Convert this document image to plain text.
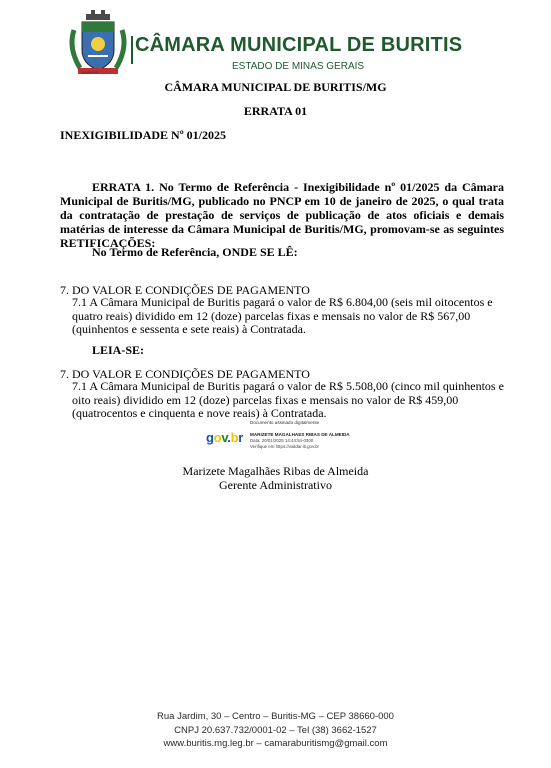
BURITIS
CÂMARA MUNICIPAL DE BURITIS
ESTADO DE MINAS GERAIS
CÂMARA MUNICIPAL DE BURITIS/MG
ERRATA 01
INEXIGIBILIDADE Nº 01/2025
ERRATA 1. No Termo de Referência - Inexigibilidade nº 01/2025 da Câmara Municipal de Buritis/MG, publicado no PNCP em 10 de janeiro de 2025, o qual trata da contratação de prestação de serviços de publicação de atos oficiais e demais matérias de interesse da Câmara Municipal de Buritis/MG, promovam-se as seguintes RETIFICAÇÕES:
No Termo de Referência, ONDE SE LÊ:
7. DO VALOR E CONDIÇÕES DE PAGAMENTO
7.1 A Câmara Municipal de Buritis pagará o valor de R$ 6.804,00 (seis mil oitocentos e quatro reais) dividido em 12 (doze) parcelas fixas e mensais no valor de R$ 567,00 (quinhentos e sessenta e sete reais) à Contratada.
LEIA-SE:
7. DO VALOR E CONDIÇÕES DE PAGAMENTO
7.1 A Câmara Municipal de Buritis pagará o valor de R$ 5.508,00 (cinco mil quinhentos e oito reais) dividido em 12 (doze) parcelas fixas e mensais no valor de R$ 459,00 (quatrocentos e cinquenta e nove reais) à Contratada.
gov.br
Documento assinado digitalmente
MARIZETE MAGALHAES RIBAS DE ALMEIDA
Data: 20/01/2025 14:44:54-0300
Verifique em https://validar.iti.gov.br
Marizete Magalhães Ribas de Almeida
Gerente Administrativo
Rua Jardim, 30 – Centro – Buritis-MG – CEP 38660-000
CNPJ 20.637.732/0001-02 – Tel (38) 3662-1527
www.buritis.mg.leg.br – camaraburitismg@gmail.com
